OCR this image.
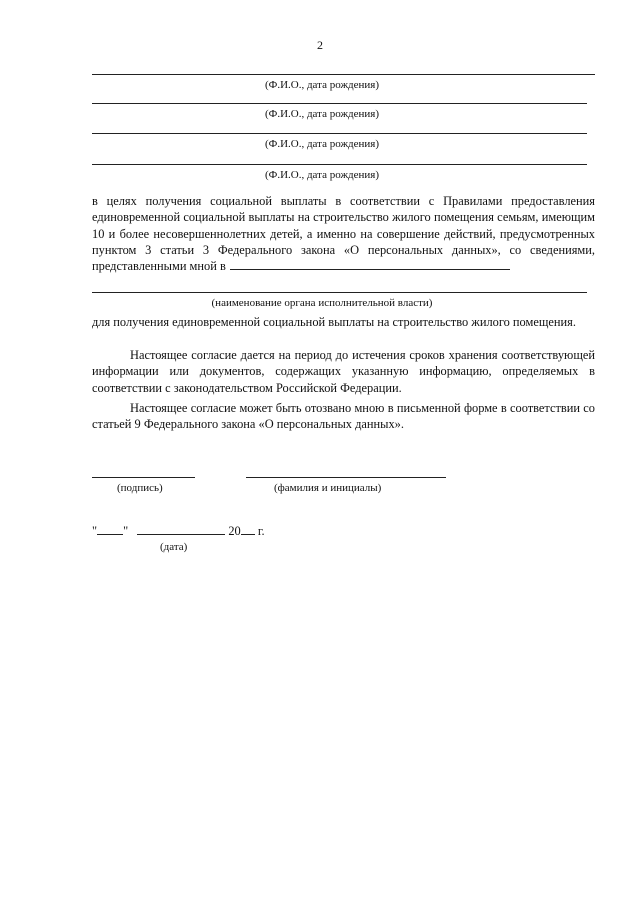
2
(Ф.И.О., дата рождения)
(Ф.И.О., дата рождения)
(Ф.И.О., дата рождения)
(Ф.И.О., дата рождения)
в целях получения социальной выплаты в соответствии с Правилами предоставления единовременной социальной выплаты на строительство жилого помещения семьям, имеющим 10 и более несовершеннолетних детей, а именно на совершение действий, предусмотренных пунктом 3 статьи 3 Федерального закона «О персональных данных», со сведениями, представленными мной в
(наименование органа исполнительной власти)
для получения единовременной социальной выплаты на строительство жилого помещения.
Настоящее согласие дается на период до истечения сроков хранения соответствующей информации или документов, содержащих указанную информацию, определяемых в соответствии с законодательством Российской Федерации.
Настоящее согласие может быть отозвано мною в письменной форме в соответствии со статьей 9 Федерального закона «О персональных данных».
(подпись)	(фамилия и инициалы)
" "	20 г.
(дата)
